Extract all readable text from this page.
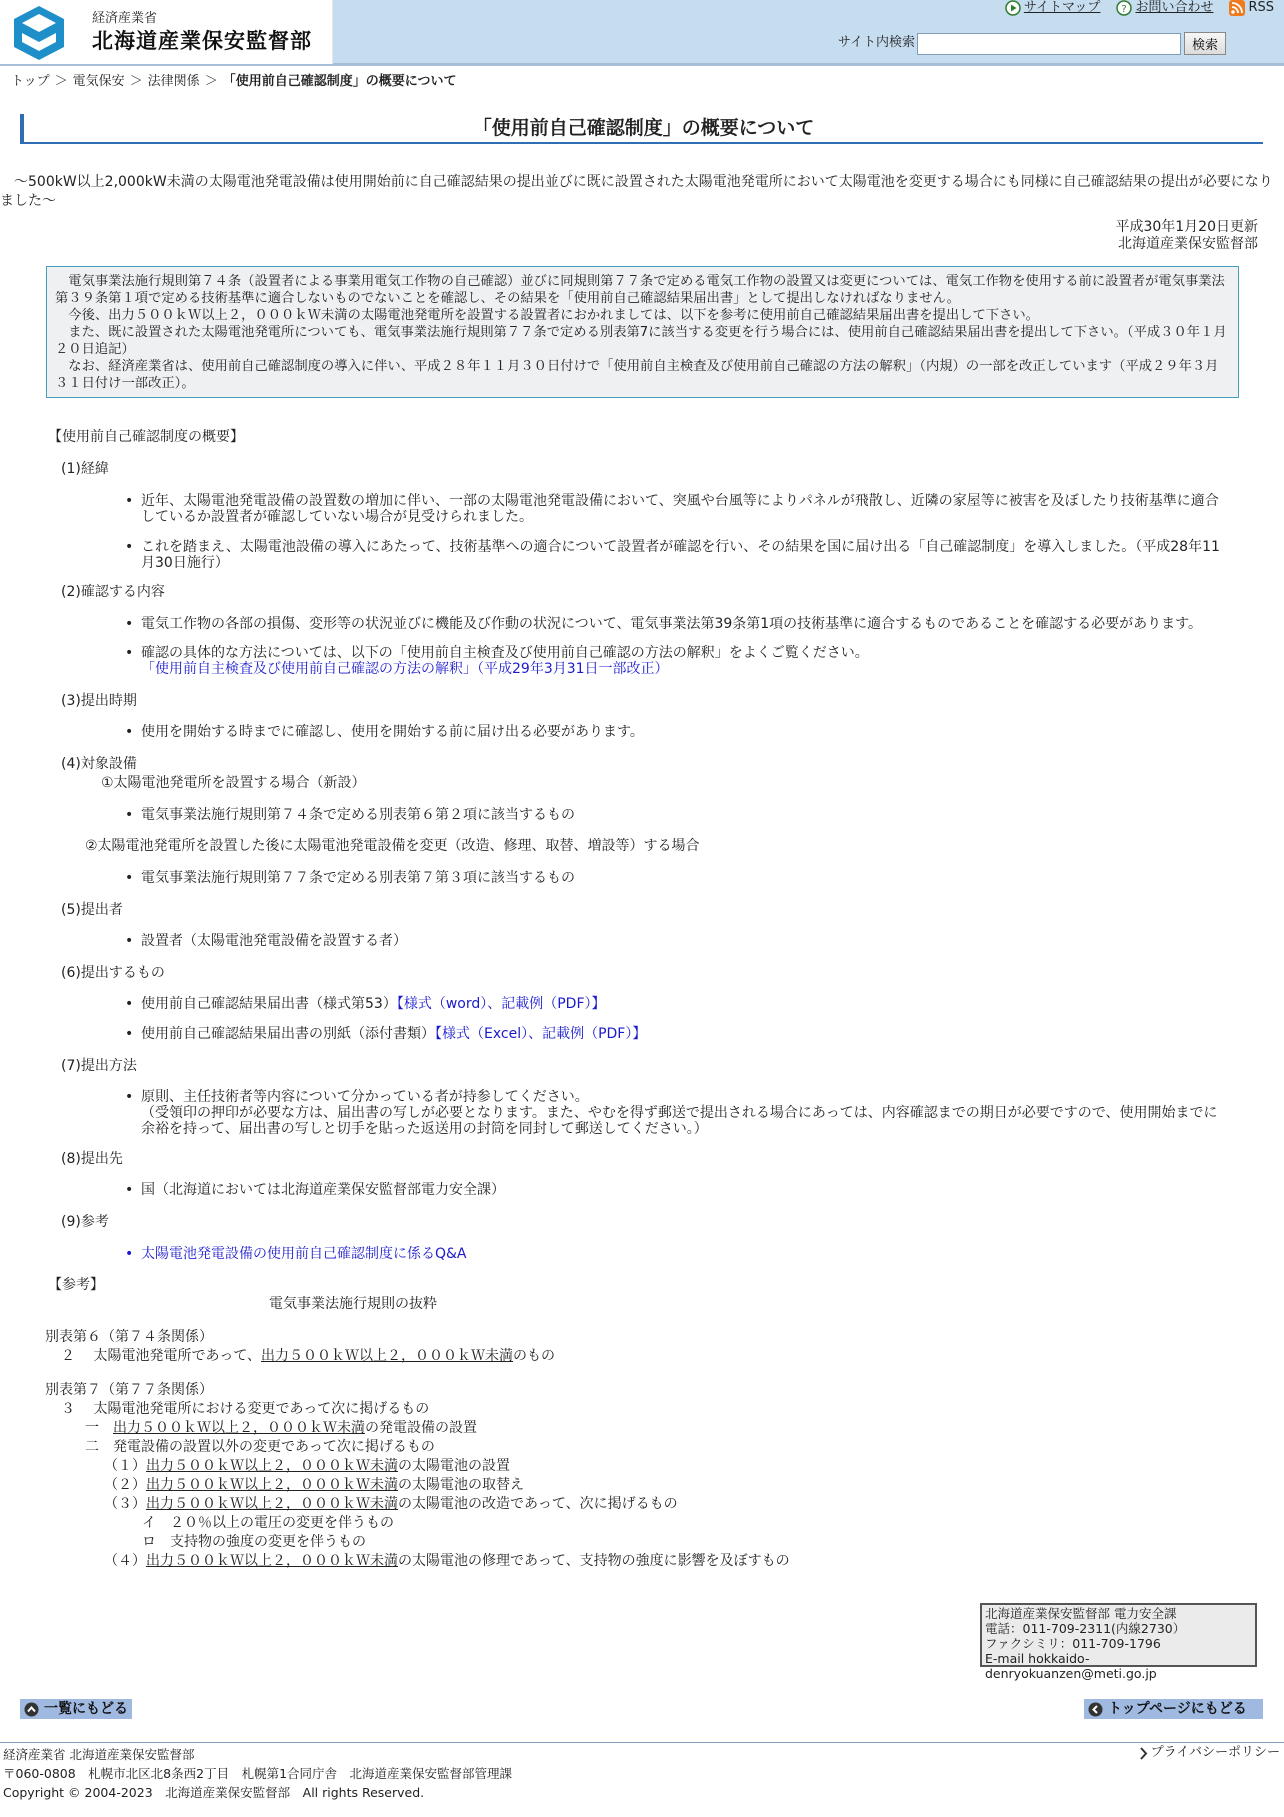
経済産業省
北海道産業保安監督部
サイトマップ ? お問い合わせ	RSS
サイト内検索	検索
トップ ＞ 電気保安 ＞ 法律関係 ＞ 「使用前自己確認制度」の概要について
「使用前自己確認制度」の概要について
～500kW以上2,000kW未満の太陽電池発電設備は使用開始前に自己確認結果の提出並びに既に設置された太陽電池発電所において太陽電池を変更する場合にも同様に自己確認結果の提出が必要になりました～
平成30年1月20日更新
北海道産業保安監督部

電気事業法施行規則第７４条（設置者による事業用電気工作物の自己確認）並びに同規則第７７条で定める電気工作物の設置又は変更については、電気工作物を使用する前に設置者が電気事業法第３９条第１項で定める技術基準に適合しないものでないことを確認し、その結果を「使用前自己確認結果届出書」として提出しなければなりません。

今後、出力５００ｋＷ以上２，０００ｋＷ未満の太陽電池発電所を設置する設置者におかれましては、以下を参考に使用前自己確認結果届出書を提出して下さい。

また、既に設置された太陽電池発電所についても、電気事業法施行規則第７７条で定める別表第7に該当する変更を行う場合には、使用前自己確認結果届出書を提出して下さい。（平成３０年１月２０日追記）

なお、経済産業省は、使用前自己確認制度の導入に伴い、平成２８年１１月３０日付けで「使用前自主検査及び使用前自己確認の方法の解釈」（内規）の一部を改正しています（平成２９年３月３１日付け一部改正）。

【使用前自己確認制度の概要】
(1)経緯
• 近年、太陽電池発電設備の設置数の増加に伴い、一部の太陽電池発電設備において、突風や台風等によりパネルが飛散し、近隣の家屋等に被害を及ぼしたり技術基準に適合しているか設置者が確認していない場合が見受けられました。
• これを踏まえ、太陽電池設備の導入にあたって、技術基準への適合について設置者が確認を行い、その結果を国に届け出る「自己確認制度」を導入しました。（平成28年11月30日施行）
(2)確認する内容
• 電気工作物の各部の損傷、変形等の状況並びに機能及び作動の状況について、電気事業法第39条第1項の技術基準に適合するものであることを確認する必要があります。
• 確認の具体的な方法については、以下の「使用前自主検査及び使用前自己確認の方法の解釈」をよくご覧ください。
「使用前自主検査及び使用前自己確認の方法の解釈」（平成29年3月31日一部改正）
(3)提出時期
• 使用を開始する時までに確認し、使用を開始する前に届け出る必要があります。
(4)対象設備
①太陽電池発電所を設置する場合（新設）
• 電気事業法施行規則第７４条で定める別表第６第２項に該当するもの
②太陽電池発電所を設置した後に太陽電池発電設備を変更（改造、修理、取替、増設等）する場合
• 電気事業法施行規則第７７条で定める別表第７第３項に該当するもの
(5)提出者
• 設置者（太陽電池発電設備を設置する者）
(6)提出するもの
• 使用前自己確認結果届出書（様式第53）【様式（word）、記載例（PDF）】
• 使用前自己確認結果届出書の別紙（添付書類）【様式（Excel）、記載例（PDF）】
(7)提出方法
• 原則、主任技術者等内容について分かっている者が持参してください。
（受領印の押印が必要な方は、届出書の写しが必要となります。また、やむを得ず郵送で提出される場合にあっては、内容確認までの期日が必要ですので、使用開始までに余裕を持って、届出書の写しと切手を貼った返送用の封筒を同封して郵送してください。）
(8)提出先
• 国（北海道においては北海道産業保安監督部電力安全課）
(9)参考
• 太陽電池発電設備の使用前自己確認制度に係るQ&A
【参考】
電気事業法施行規則の抜粋
別表第６（第７４条関係）
２　 太陽電池発電所であって、出力５００ｋＷ以上２，０００ｋＷ未満のもの
別表第７（第７７条関係）
３　 太陽電池発電所における変更であって次に掲げるもの
一　 出力５００ｋＷ以上２，０００ｋＷ未満の発電設備の設置
二　 発電設備の設置以外の変更であって次に掲げるもの
（１）出力５００ｋＷ以上２，０００ｋＷ未満の太陽電池の設置
（２）出力５００ｋＷ以上２，０００ｋＷ未満の太陽電池の取替え
（３）出力５００ｋＷ以上２，０００ｋＷ未満の太陽電池の改造であって、次に掲げるもの
イ　２０％以上の電圧の変更を伴うもの
ロ　支持物の強度の変更を伴うもの
（４）出力５００ｋＷ以上２，０００ｋＷ未満の太陽電池の修理であって、支持物の強度に影響を及ぼすもの
北海道産業保安監督部 電力安全課
電話：011-709-2311(内線2730）
ファクシミリ：011-709-1796
E-mail hokkaido-denryokuanzen@meti.go.jp
一覧にもどる	トップページにもどる
経済産業省 北海道産業保安監督部
〒060-0808　札幌市北区北8条西2丁目　札幌第1合同庁舎　北海道産業保安監督部管理課
Copyright © 2004-2023　北海道産業保安監督部　All rights Reserved.
プライバシーポリシー
